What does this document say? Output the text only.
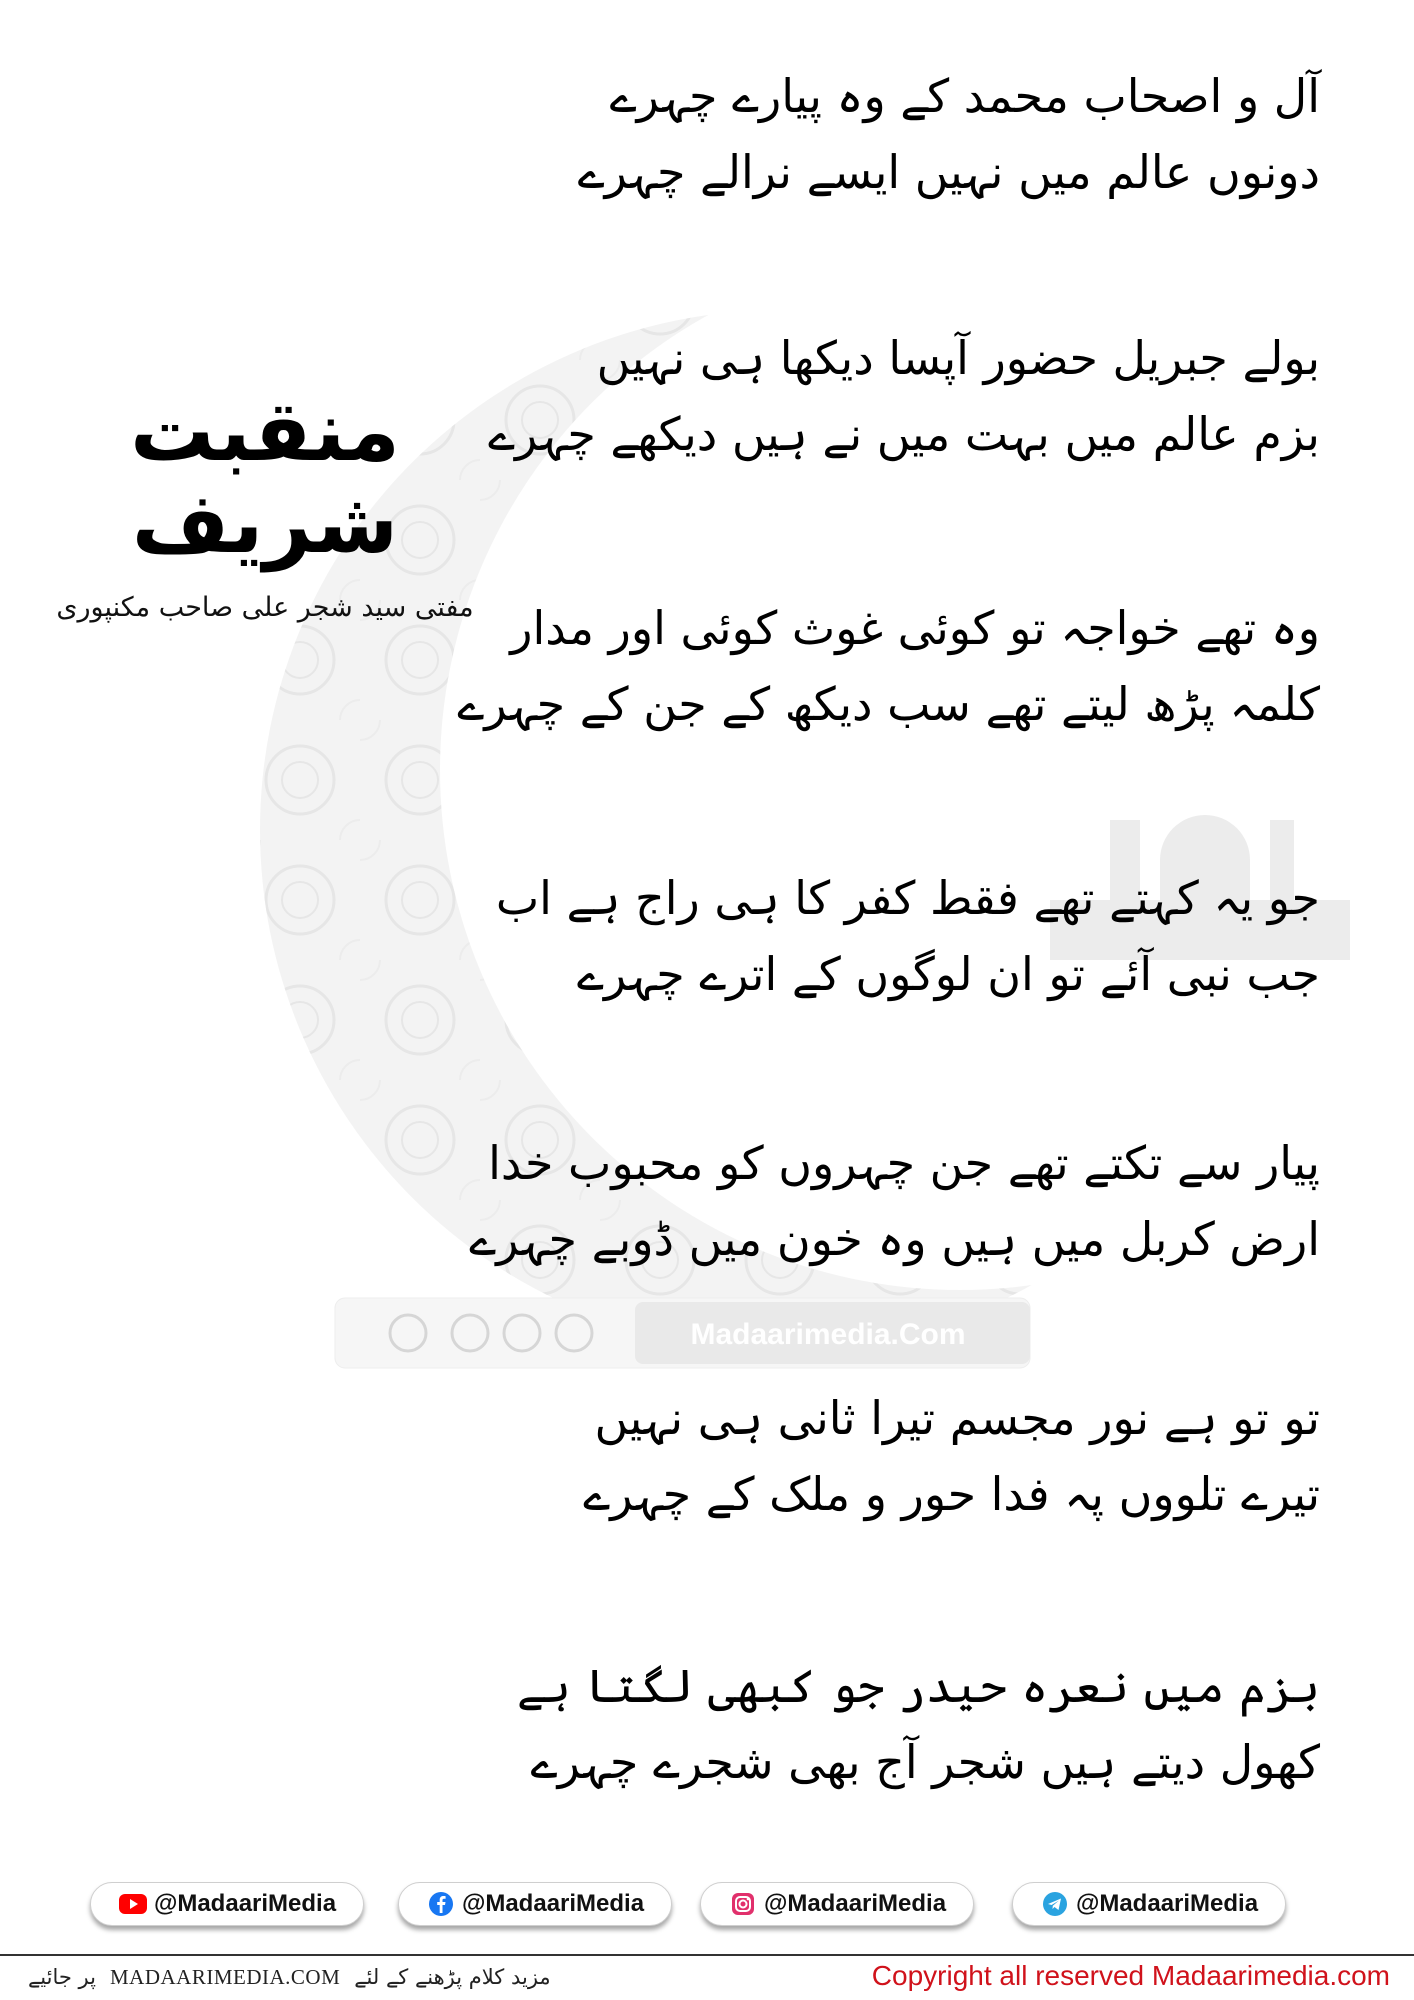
Madaarimedia.Com
منقبت شریف
مفتی سید شجر علی صاحب مکنپوری
آل و اصحاب محمد کے وہ پیارے چہرے
دونوں عالم میں نہیں ایسے نرالے چہرے
بولے جبریل حضور آپسا دیکھا ہی نہیں
بزم عالم میں بہت میں نے ہیں دیکھے چہرے
وہ تھے خواجہ تو کوئی غوث کوئی اور مدار
کلمہ پڑھ لیتے تھے سب دیکھ کے جن کے چہرے
جو یہ کہتے تھے فقط کفر کا ہی راج ہے اب
جب نبی آئے تو ان لوگوں کے اترے چہرے
پیار سے تکتے تھے جن چہروں کو محبوب خدا
ارض کربل میں ہیں وہ خون میں ڈوبے چہرے
تو تو ہے نور مجسم تیرا ثانی ہی نہیں
تیرے تلووں پہ فدا حور و ملک کے چہرے
بزم میں نعرہ حیدر جو کبھی لگتا ہے
کھول دیتے ہیں شجر آج بھی شجرے چہرے
@MadaariMedia	@MadaariMedia	@MadaariMedia	@MadaariMedia
پر جائیے MADAARIMEDIA.COM مزید کلام پڑھنے کے لئے	Copyright all reserved Madaarimedia.com
